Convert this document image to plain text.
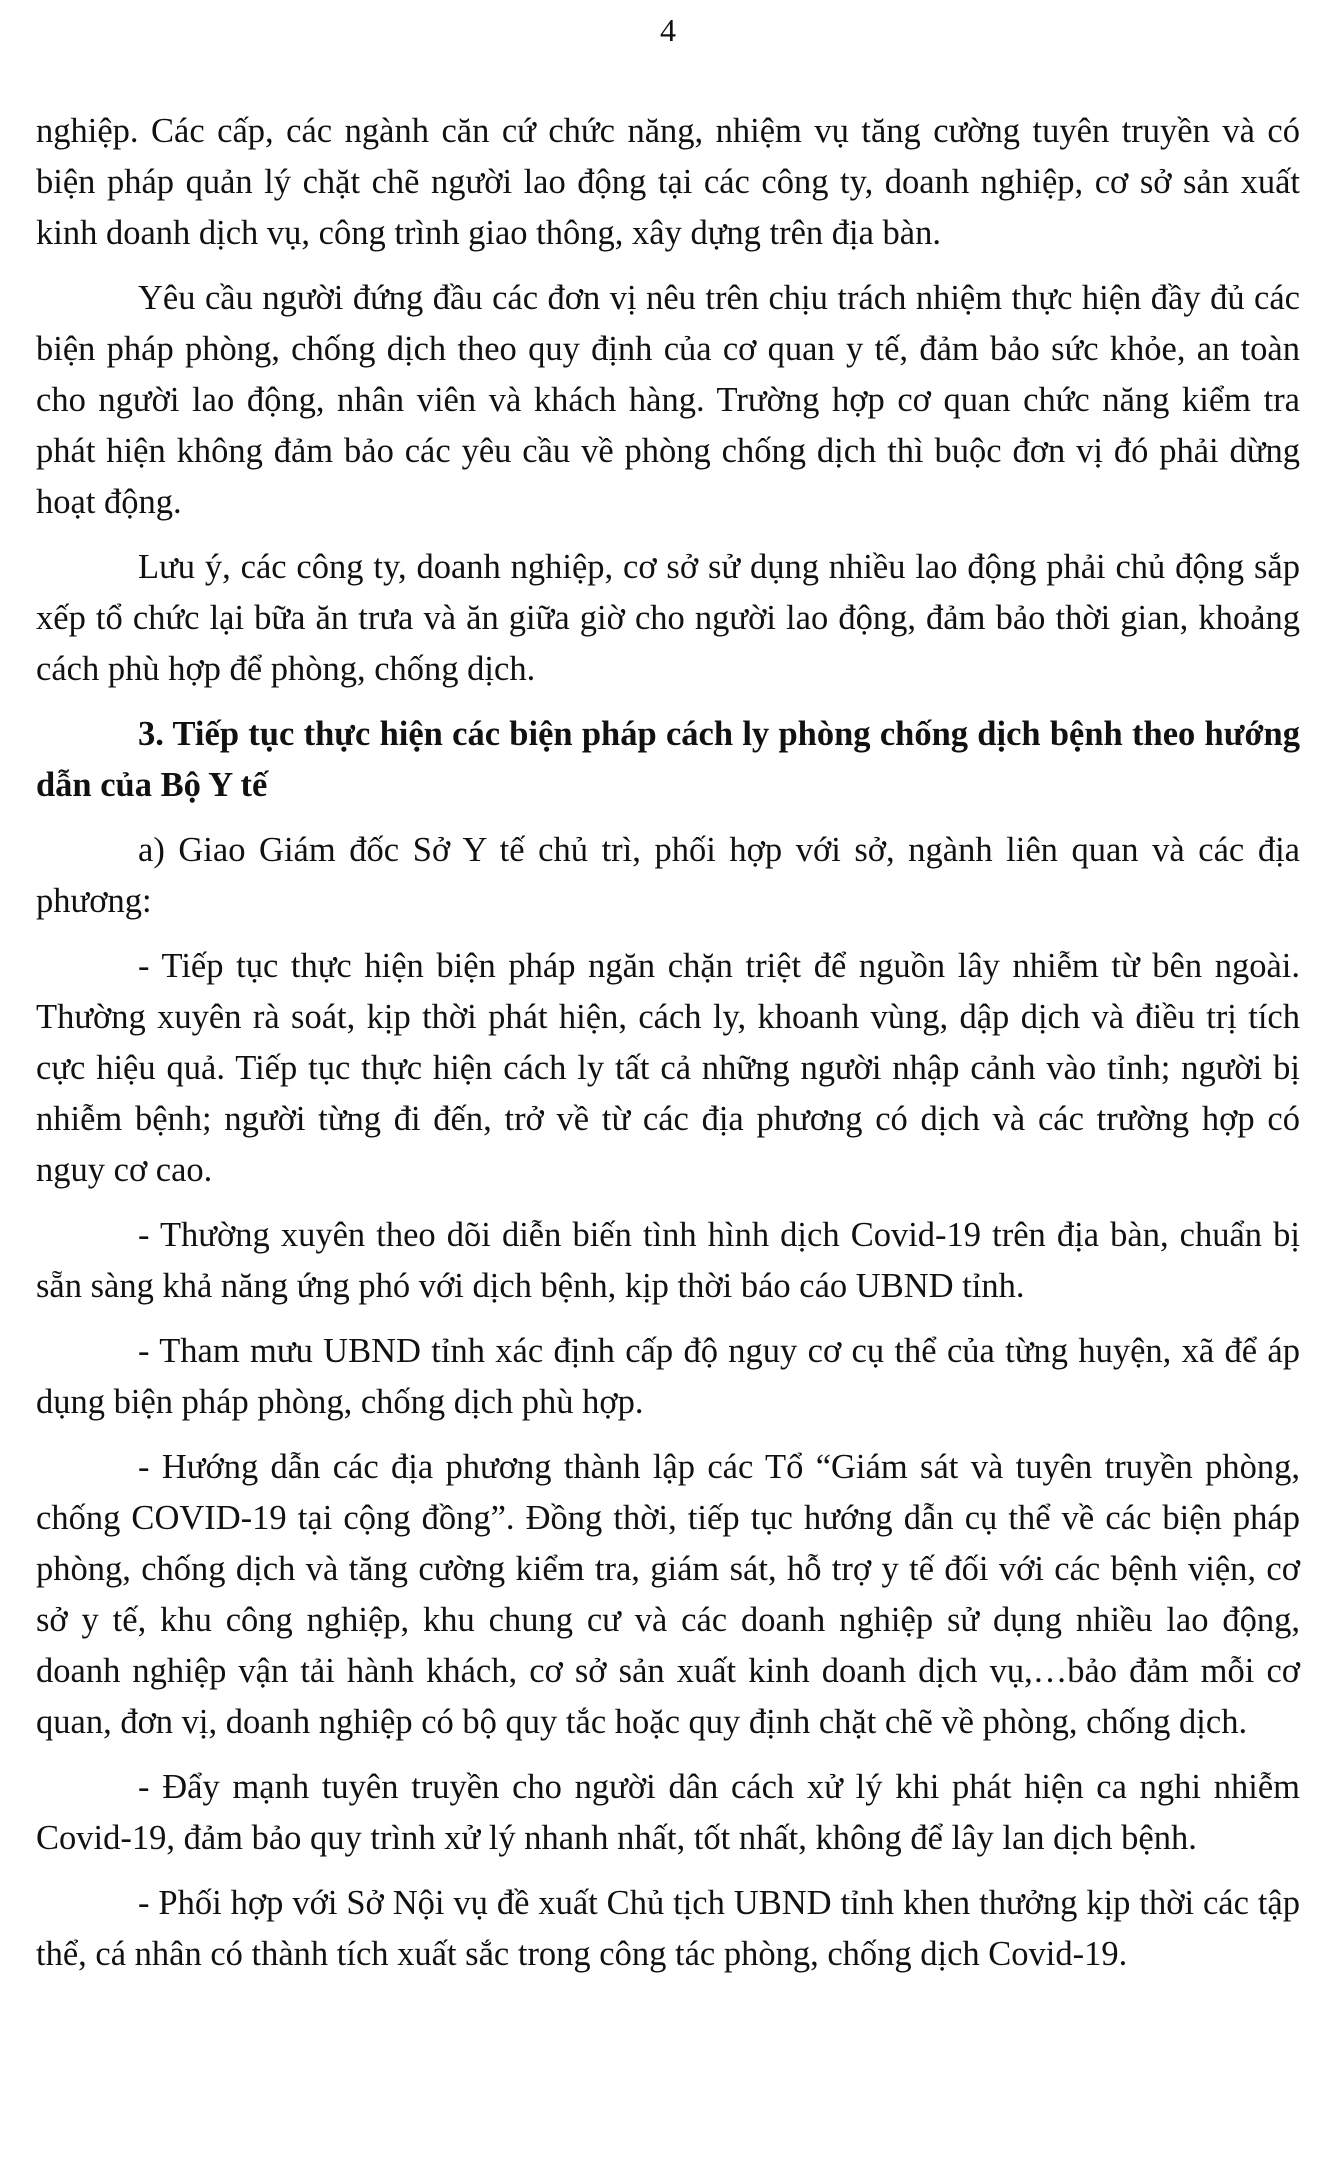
4

nghiệp. Các cấp, các ngành căn cứ chức năng, nhiệm vụ tăng cường tuyên truyền và có biện pháp quản lý chặt chẽ người lao động tại các công ty, doanh nghiệp, cơ sở sản xuất kinh doanh dịch vụ, công trình giao thông, xây dựng trên địa bàn.

Yêu cầu người đứng đầu các đơn vị nêu trên chịu trách nhiệm thực hiện đầy đủ các biện pháp phòng, chống dịch theo quy định của cơ quan y tế, đảm bảo sức khỏe, an toàn cho người lao động, nhân viên và khách hàng. Trường hợp cơ quan chức năng kiểm tra phát hiện không đảm bảo các yêu cầu về phòng chống dịch thì buộc đơn vị đó phải dừng hoạt động.

Lưu ý, các công ty, doanh nghiệp, cơ sở sử dụng nhiều lao động phải chủ động sắp xếp tổ chức lại bữa ăn trưa và ăn giữa giờ cho người lao động, đảm bảo thời gian, khoảng cách phù hợp để phòng, chống dịch.

3. Tiếp tục thực hiện các biện pháp cách ly phòng chống dịch bệnh theo hướng dẫn của Bộ Y tế

a) Giao Giám đốc Sở Y tế chủ trì, phối hợp với sở, ngành liên quan và các địa phương:

- Tiếp tục thực hiện biện pháp ngăn chặn triệt để nguồn lây nhiễm từ bên ngoài. Thường xuyên rà soát, kịp thời phát hiện, cách ly, khoanh vùng, dập dịch và điều trị tích cực hiệu quả. Tiếp tục thực hiện cách ly tất cả những người nhập cảnh vào tỉnh; người bị nhiễm bệnh; người từng đi đến, trở về từ các địa phương có dịch và các trường hợp có nguy cơ cao.

- Thường xuyên theo dõi diễn biến tình hình dịch Covid-19 trên địa bàn, chuẩn bị sẵn sàng khả năng ứng phó với dịch bệnh, kịp thời báo cáo UBND tỉnh.

- Tham mưu UBND tỉnh xác định cấp độ nguy cơ cụ thể của từng huyện, xã để áp dụng biện pháp phòng, chống dịch phù hợp.

- Hướng dẫn các địa phương thành lập các Tổ “Giám sát và tuyên truyền phòng, chống COVID-19 tại cộng đồng”. Đồng thời, tiếp tục hướng dẫn cụ thể về các biện pháp phòng, chống dịch và tăng cường kiểm tra, giám sát, hỗ trợ y tế đối với các bệnh viện, cơ sở y tế, khu công nghiệp, khu chung cư và các doanh nghiệp sử dụng nhiều lao động, doanh nghiệp vận tải hành khách, cơ sở sản xuất kinh doanh dịch vụ,…bảo đảm mỗi cơ quan, đơn vị, doanh nghiệp có bộ quy tắc hoặc quy định chặt chẽ về phòng, chống dịch.

- Đẩy mạnh tuyên truyền cho người dân cách xử lý khi phát hiện ca nghi nhiễm Covid-19, đảm bảo quy trình xử lý nhanh nhất, tốt nhất, không để lây lan dịch bệnh.

- Phối hợp với Sở Nội vụ đề xuất Chủ tịch UBND tỉnh khen thưởng kịp thời các tập thể, cá nhân có thành tích xuất sắc trong công tác phòng, chống dịch Covid-19.
